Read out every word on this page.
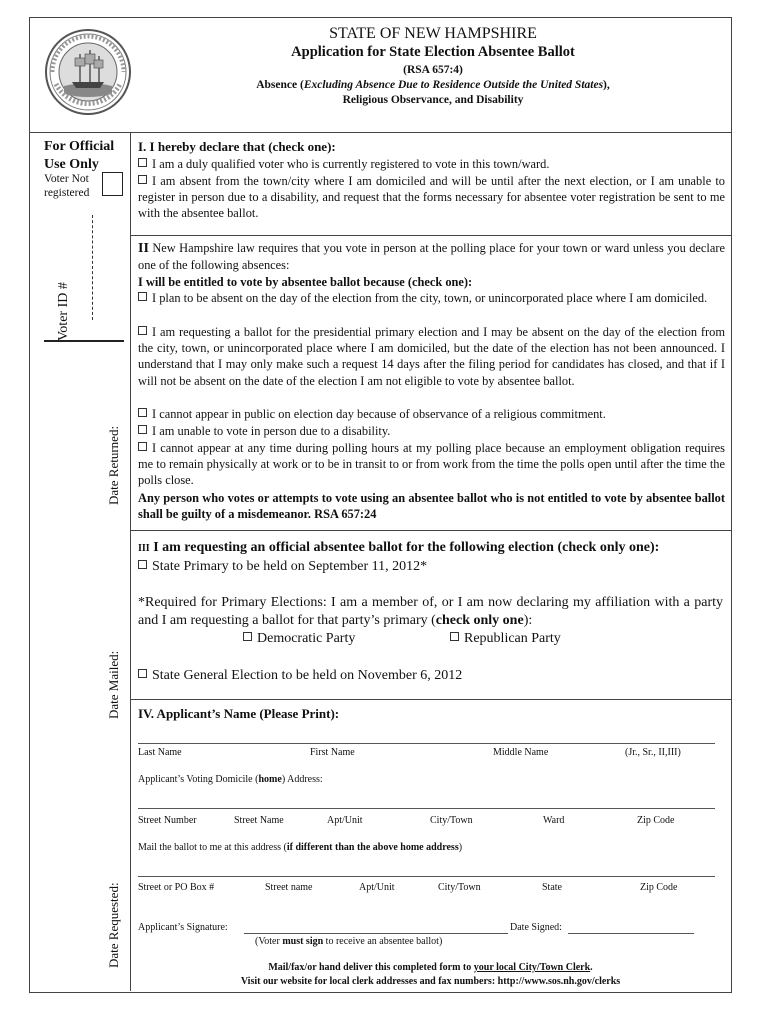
STATE OF NEW HAMPSHIRE
Application for State Election Absentee Ballot
(RSA 657:4)
Absence (Excluding Absence Due to Residence Outside the United States),
Religious Observance, and Disability
For Official
Use Only
Voter Not
registered
Voter ID #
Date Returned:
Date Mailed:
Date Requested:
I. I hereby declare that (check one):
I am a duly qualified voter who is currently registered to vote in this town/ward.
I am absent from the town/city where I am domiciled and will be until after the next election, or I am unable to register in person due to a disability, and request that the forms necessary for absentee voter registration be sent to me with the absentee ballot.
II New Hampshire law requires that you vote in person at the polling place for your town or ward unless you declare one of the following absences:
I will be entitled to vote by absentee ballot because (check one):
I plan to be absent on the day of the election from the city, town, or unincorporated place where I am domiciled.
I am requesting a ballot for the presidential primary election and I may be absent on the day of the election from the city, town, or unincorporated place where I am domiciled, but the date of the election has not been announced. I understand that I may only make such a request 14 days after the filing period for candidates has closed, and that if I will not be absent on the date of the election I am not eligible to vote by absentee ballot.
I cannot appear in public on election day because of observance of a religious commitment.
I am unable to vote in person due to a disability.
I cannot appear at any time during polling hours at my polling place because an employment obligation requires me to remain physically at work or to be in transit to or from work from the time the polls open until after the time the polls close.
Any person who votes or attempts to vote using an absentee ballot who is not entitled to vote by absentee ballot shall be guilty of a misdemeanor. RSA 657:24
III I am requesting an official absentee ballot for the following election (check only one):
State Primary to be held on September 11, 2012*
*Required for Primary Elections: I am a member of, or I am now declaring my affiliation with a party and I am requesting a ballot for that party’s primary (check only one):
Democratic Party	Republican Party
State General Election to be held on November 6, 2012
IV. Applicant’s Name (Please Print):
Last Name	First Name	Middle Name	(Jr., Sr., II,III)
Applicant’s Voting Domicile (home) Address:
Street Number	Street Name	Apt/Unit	City/Town	Ward	Zip Code
Mail the ballot to me at this address (if different than the above home address)
Street or PO Box #	Street name	Apt/Unit	City/Town	State	Zip Code
Applicant’s Signature:	Date Signed:
(Voter must sign to receive an absentee ballot)
Mail/fax/or hand deliver this completed form to your local City/Town Clerk.
Visit our website for local clerk addresses and fax numbers: http://www.sos.nh.gov/clerks
